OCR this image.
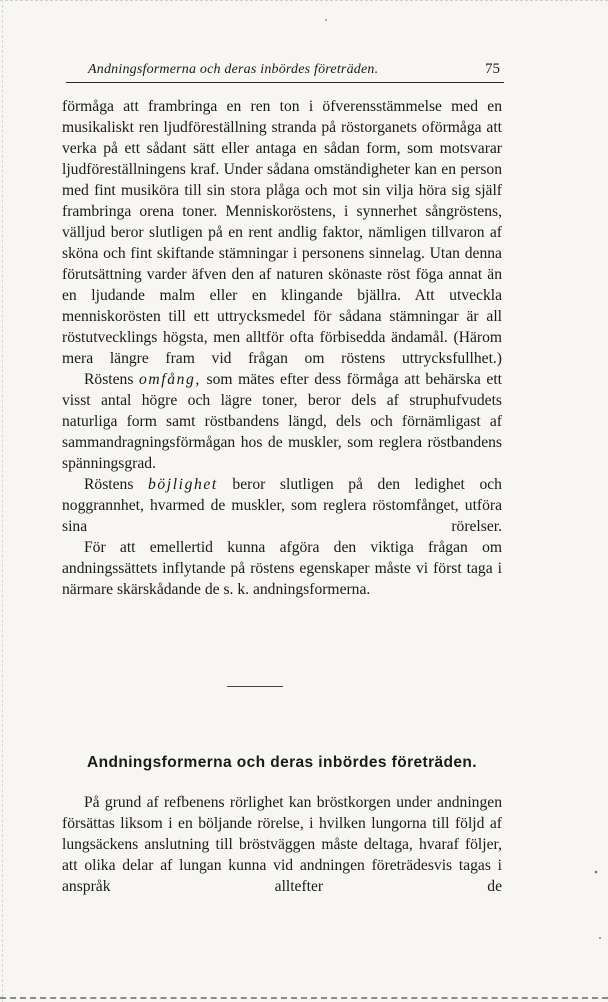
Andningsformerna och deras inbördes företräden.	75

förmåga att frambringa en ren ton i öfverensstämmelse med en musikaliskt ren ljudföreställning stranda på röstorganets oförmåga att verka på ett sådant sätt eller antaga en sådan form, som motsvarar ljudföreställningens kraf. Under sådana omständigheter kan en person med fint musiköra till sin stora plåga och mot sin vilja höra sig själf frambringa orena toner. Menniskoröstens, i synnerhet sångröstens, välljud beror slutligen på en rent andlig faktor, nämligen tillvaron af sköna och fint skiftande stämningar i personens sinnelag. Utan denna förutsättning varder äfven den af naturen skönaste röst föga annat än en ljudande malm eller en klingande bjällra. Att utveckla menniskorösten till ett uttrycksmedel för sådana stämningar är all röstutvecklings högsta, men alltför ofta förbisedda ändamål. (Härom mera längre fram vid frågan om röstens uttrycksfullhet.)

Röstens omfång, som mätes efter dess förmåga att behärska ett visst antal högre och lägre toner, beror dels af struphufvudets naturliga form samt röstbandens längd, dels och förnämligast af sammandragningsförmågan hos de muskler, som reglera röstbandens spänningsgrad.

Röstens böjlighet beror slutligen på den ledighet och noggrannhet, hvarmed de muskler, som reglera röstomfånget, utföra sina rörelser.

För att emellertid kunna afgöra den viktiga frågan om andningssättets inflytande på röstens egenskaper måste vi först taga i närmare skärskådande de s. k. andningsformerna.

Andningsformerna och deras inbördes företräden.

På grund af refbenens rörlighet kan bröstkorgen under andningen försättas liksom i en böljande rörelse, i hvilken lungorna till följd af lungsäckens anslutning till bröstväggen måste deltaga, hvaraf följer, att olika delar af lungan kunna vid andningen företrädesvis tagas i anspråk alltefter de
